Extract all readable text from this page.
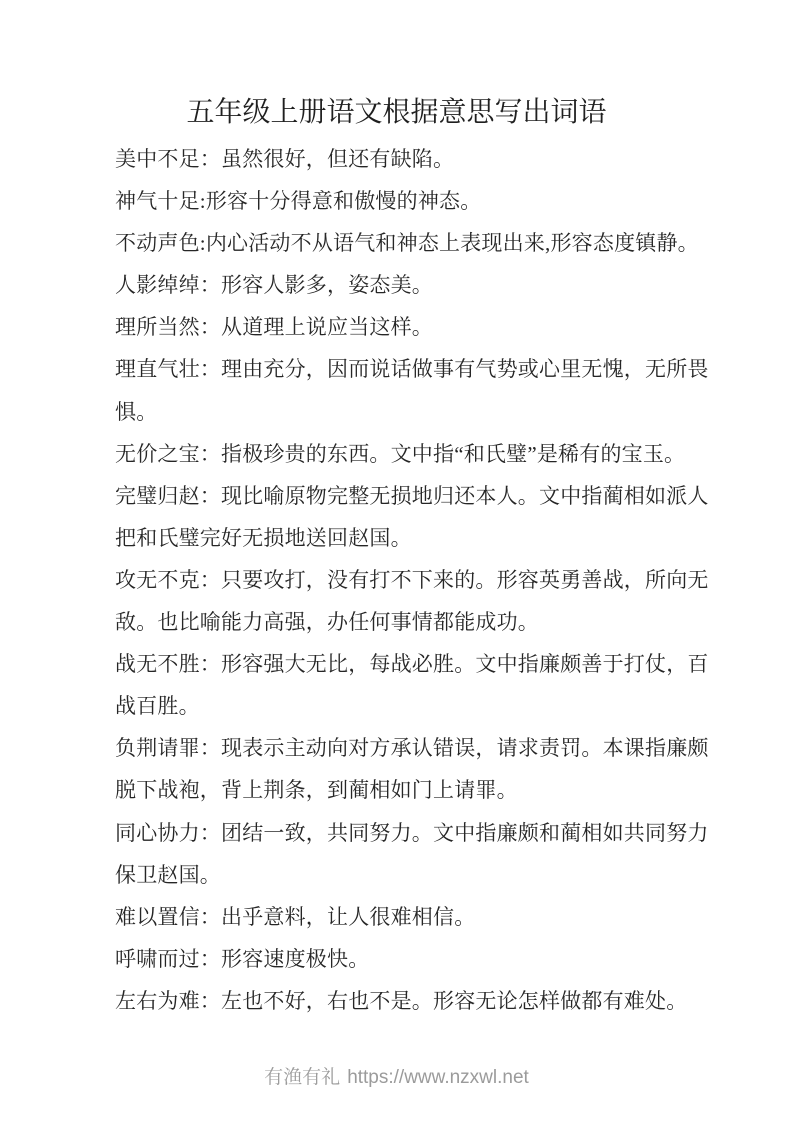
五年级上册语文根据意思写出词语
美中不足：虽然很好，但还有缺陷。
神气十足:形容十分得意和傲慢的神态。
不动声色:内心活动不从语气和神态上表现出来,形容态度镇静。
人影绰绰：形容人影多，姿态美。
理所当然：从道理上说应当这样。
理直气壮：理由充分，因而说话做事有气势或心里无愧，无所畏
惧。
无价之宝：指极珍贵的东西。文中指“和氏璧”是稀有的宝玉。
完璧归赵：现比喻原物完整无损地归还本人。文中指蔺相如派人
把和氏璧完好无损地送回赵国。
攻无不克：只要攻打，没有打不下来的。形容英勇善战，所向无
敌。也比喻能力高强，办任何事情都能成功。
战无不胜：形容强大无比，每战必胜。文中指廉颇善于打仗，百
战百胜。
负荆请罪：现表示主动向对方承认错误，请求责罚。本课指廉颇
脱下战袍，背上荆条，到蔺相如门上请罪。
同心协力：团结一致，共同努力。文中指廉颇和蔺相如共同努力
保卫赵国。
难以置信：出乎意料，让人很难相信。
呼啸而过：形容速度极快。
左右为难：左也不好，右也不是。形容无论怎样做都有难处。
有渔有礼 https://www.nzxwl.net
